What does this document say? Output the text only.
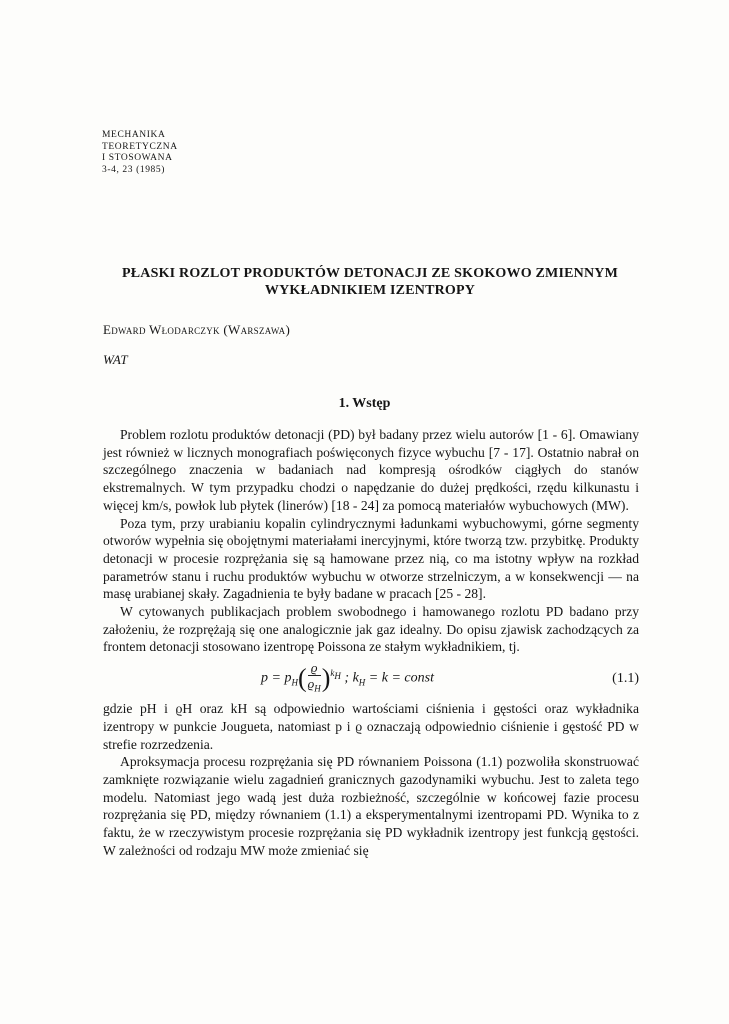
MECHANIKA
TEORETYCZNA
I STOSOWANA
3-4, 23 (1985)
PŁASKI ROZLOT PRODUKTÓW DETONACJI ZE SKOKOWO ZMIENNYM
WYKŁADNIKIEM IZENTROPY
Edward Włodarczyk (Warszawa)
WAT
1. Wstęp

Problem rozlotu produktów detonacji (PD) był badany przez wielu autorów [1 - 6]. Omawiany jest również w licznych monografiach poświęconych fizyce wybuchu [7 - 17]. Ostatnio nabrał on szczególnego znaczenia w badaniach nad kompresją ośrodków ciągłych do stanów ekstremalnych. W tym przypadku chodzi o napędzanie do dużej prędkości, rzędu kilkunastu i więcej km/s, powłok lub płytek (linerów) [18 - 24] za pomocą materiałów wybuchowych (MW).

Poza tym, przy urabianiu kopalin cylindrycznymi ładunkami wybuchowymi, górne segmenty otworów wypełnia się obojętnymi materiałami inercyjnymi, które tworzą tzw. przybitkę. Produkty detonacji w procesie rozprężania się są hamowane przez nią, co ma istotny wpływ na rozkład parametrów stanu i ruchu produktów wybuchu w otworze strzelniczym, a w konsekwencji — na masę urabianej skały. Zagadnienia te były badane w pracach [25 - 28].

W cytowanych publikacjach problem swobodnego i hamowanego rozlotu PD badano przy założeniu, że rozprężają się one analogicznie jak gaz idealny. Do opisu zjawisk zachodzących za frontem detonacji stosowano izentropę Poissona ze stałym wykładnikiem, tj.

$p = p_H( \frac{ϱ}{ϱ_H} )^{k_H}$ ; $k_H = k$ = const	(1.1)

gdzie pH i ϱH oraz kH są odpowiednio wartościami ciśnienia i gęstości oraz wykładnika izentropy w punkcie Jougueta, natomiast p i ϱ oznaczają odpowiednio ciśnienie i gęstość PD w strefie rozrzedzenia.

Aproksymacja procesu rozprężania się PD równaniem Poissona (1.1) pozwoliła skonstruować zamknięte rozwiązanie wielu zagadnień granicznych gazodynamiki wybuchu. Jest to zaleta tego modelu. Natomiast jego wadą jest duża rozbieżność, szczególnie w końcowej fazie procesu rozprężania się PD, między równaniem (1.1) a eksperymentalnymi izentropami PD. Wynika to z faktu, że w rzeczywistym procesie rozprężania się PD wykładnik izentropy jest funkcją gęstości. W zależności od rodzaju MW może zmieniać się
